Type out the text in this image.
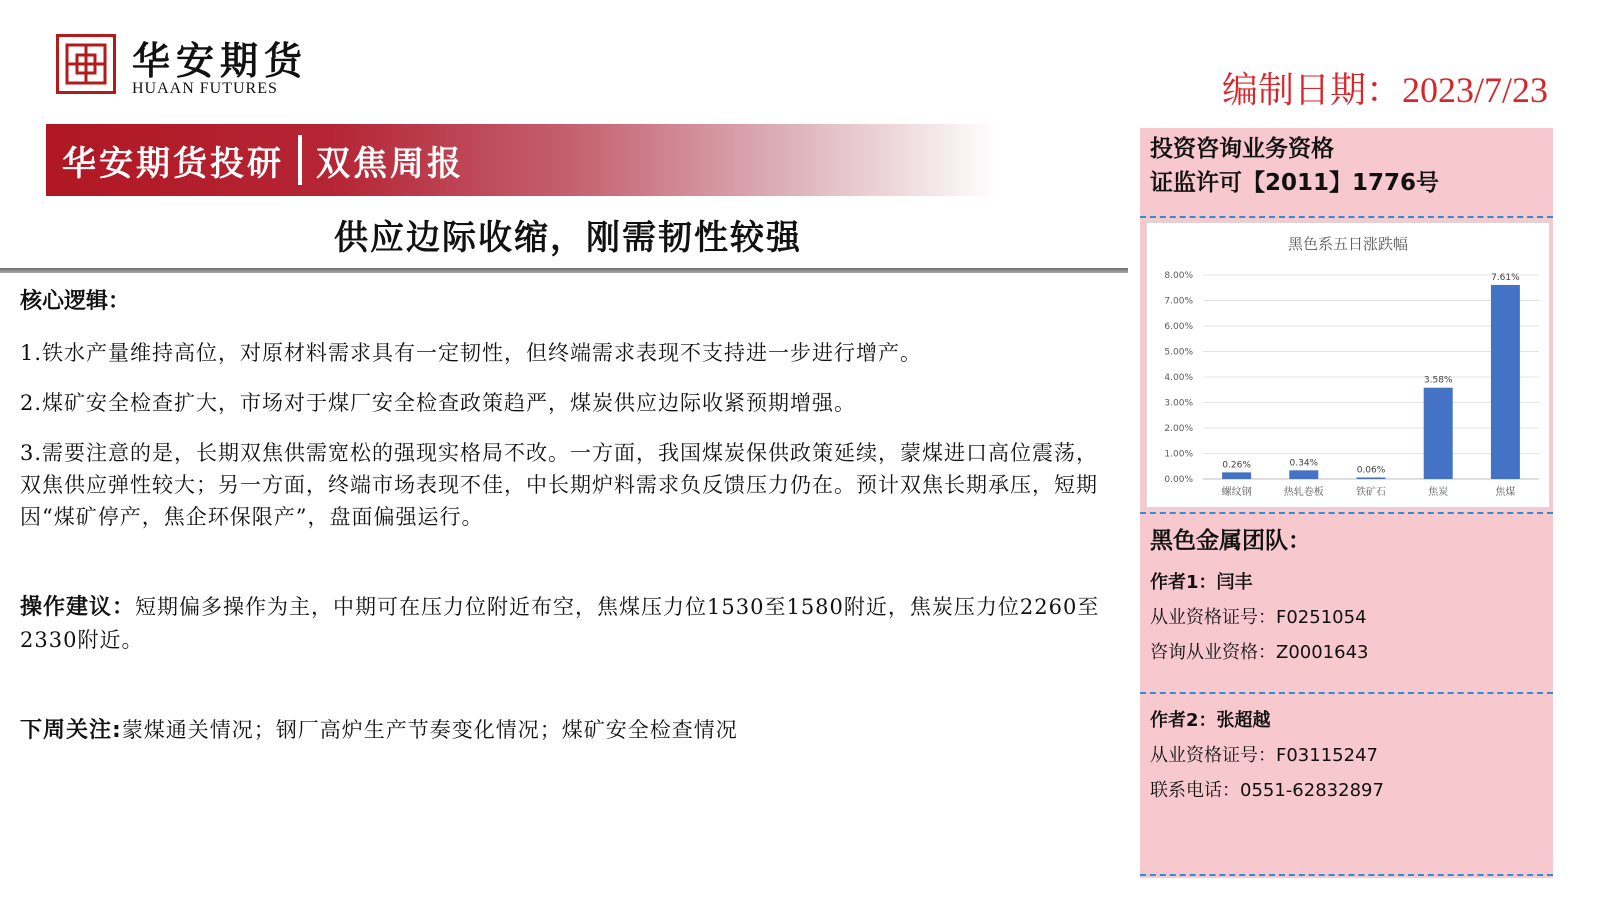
华安期货
HUAAN FUTURES	编制日期：2023/7/23
华安期货投研 双焦周报
供应边际收缩，刚需韧性较强

核心逻辑：

1.铁水产量维持高位，对原材料需求具有一定韧性，但终端需求表现不支持进一步进行增产。

2.煤矿安全检查扩大，市场对于煤厂安全检查政策趋严，煤炭供应边际收紧预期增强。

3.需要注意的是，长期双焦供需宽松的强现实格局不改。一方面，我国煤炭保供政策延续，蒙煤进口高位震荡，双焦供应弹性较大；另一方面，终端市场表现不佳，中长期炉料需求负反馈压力仍在。预计双焦长期承压，短期因“煤矿停产，焦企环保限产”，盘面偏强运行。

操作建议：短期偏多操作为主，中期可在压力位附近布空，焦煤压力位1530至1580附近，焦炭压力位2260至2330附近。

下周关注:蒙煤通关情况；钢厂高炉生产节奏变化情况；煤矿安全检查情况

投资咨询业务资格
证监许可【2011】1776号
黑色系五日涨跌幅
0.00%
1.00%
2.00%
3.00%
4.00%
5.00%
6.00%
7.00%
8.00%
0.26%
螺纹钢
0.34%
热轧卷板
0.06%
铁矿石
3.58%
焦炭
7.61%
焦煤
黑色金属团队：
作者1：闫丰
从业资格证号：F0251054
咨询从业资格：Z0001643
作者2：张超越
从业资格证号：F03115247
联系电话：0551-62832897
